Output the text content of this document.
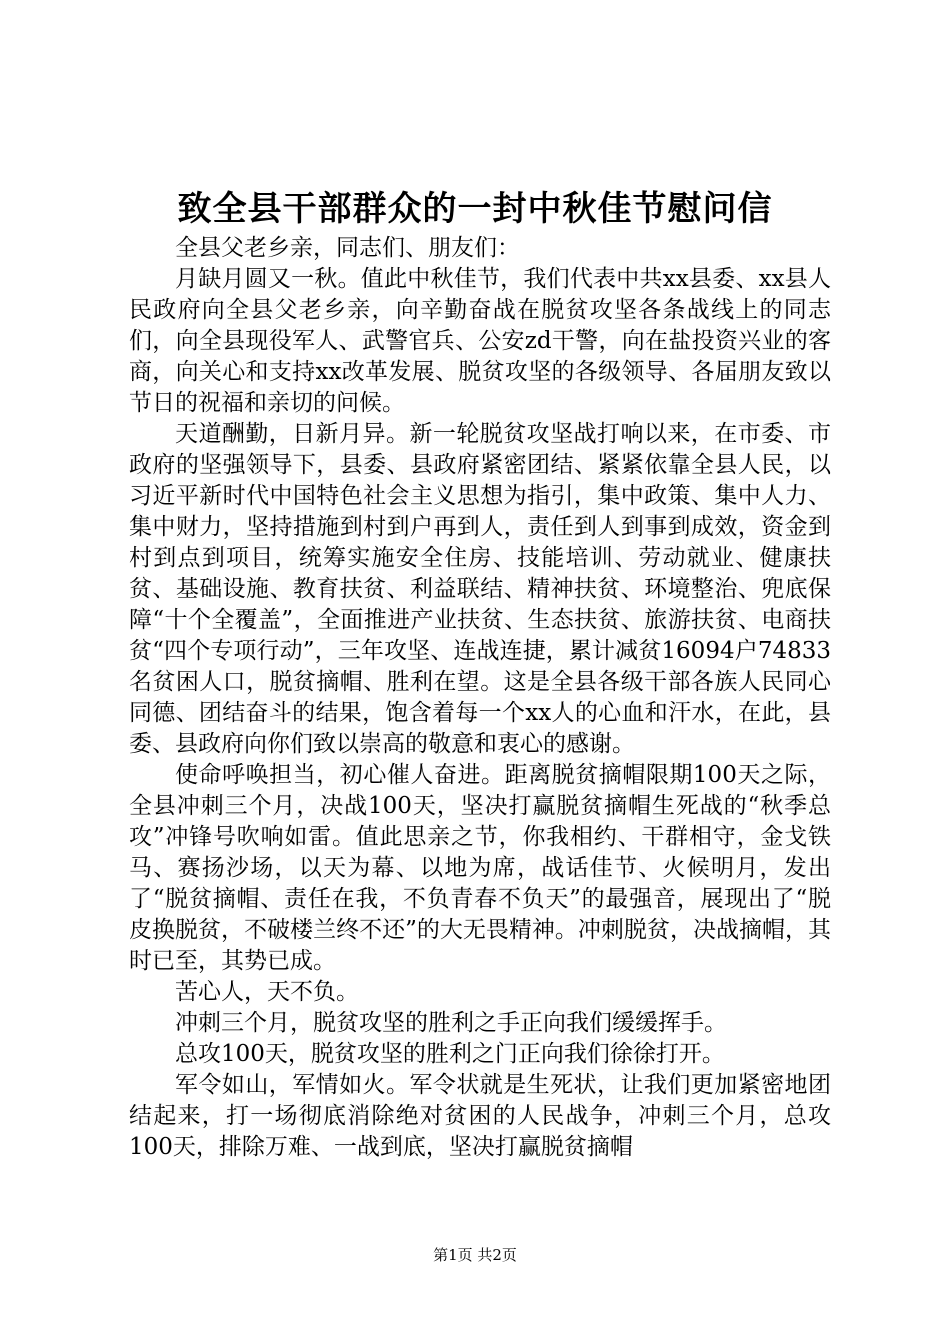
致全县干部群众的一封中秋佳节慰问信

全县父老乡亲，同志们、朋友们：

月缺月圆又一秋。值此中秋佳节，我们代表中共xx县委、xx县人民政府向全县父老乡亲，向辛勤奋战在脱贫攻坚各条战线上的同志们，向全县现役军人、武警官兵、公安zd干警，向在盐投资兴业的客商，向关心和支持xx改革发展、脱贫攻坚的各级领导、各届朋友致以节日的祝福和亲切的问候。

天道酬勤，日新月异。新一轮脱贫攻坚战打响以来，在市委、市政府的坚强领导下，县委、县政府紧密团结、紧紧依靠全县人民，以习近平新时代中国特色社会主义思想为指引，集中政策、集中人力、集中财力，坚持措施到村到户再到人，责任到人到事到成效，资金到村到点到项目，统筹实施安全住房、技能培训、劳动就业、健康扶贫、基础设施、教育扶贫、利益联结、精神扶贫、环境整治、兜底保障“十个全覆盖”，全面推进产业扶贫、生态扶贫、旅游扶贫、电商扶贫“四个专项行动”，三年攻坚、连战连捷，累计减贫16094户74833名贫困人口，脱贫摘帽、胜利在望。这是全县各级干部各族人民同心同德、团结奋斗的结果，饱含着每一个xx人的心血和汗水，在此，县委、县政府向你们致以崇高的敬意和衷心的感谢。

使命呼唤担当，初心催人奋进。距离脱贫摘帽限期100天之际，全县冲刺三个月，决战100天，坚决打赢脱贫摘帽生死战的“秋季总攻”冲锋号吹响如雷。值此思亲之节，你我相约、干群相守，金戈铁马、赛扬沙场，以天为幕、以地为席，战话佳节、火候明月，发出了“脱贫摘帽、责任在我，不负青春不负天”的最强音，展现出了“脱皮换脱贫，不破楼兰终不还”的大无畏精神。冲刺脱贫，决战摘帽，其时已至，其势已成。

苦心人，天不负。

冲刺三个月，脱贫攻坚的胜利之手正向我们缓缓挥手。

总攻100天，脱贫攻坚的胜利之门正向我们徐徐打开。

军令如山，军情如火。军令状就是生死状，让我们更加紧密地团结起来，打一场彻底消除绝对贫困的人民战争，冲刺三个月，总攻100天，排除万难、一战到底，坚决打赢脱贫摘帽

第1页 共2页
